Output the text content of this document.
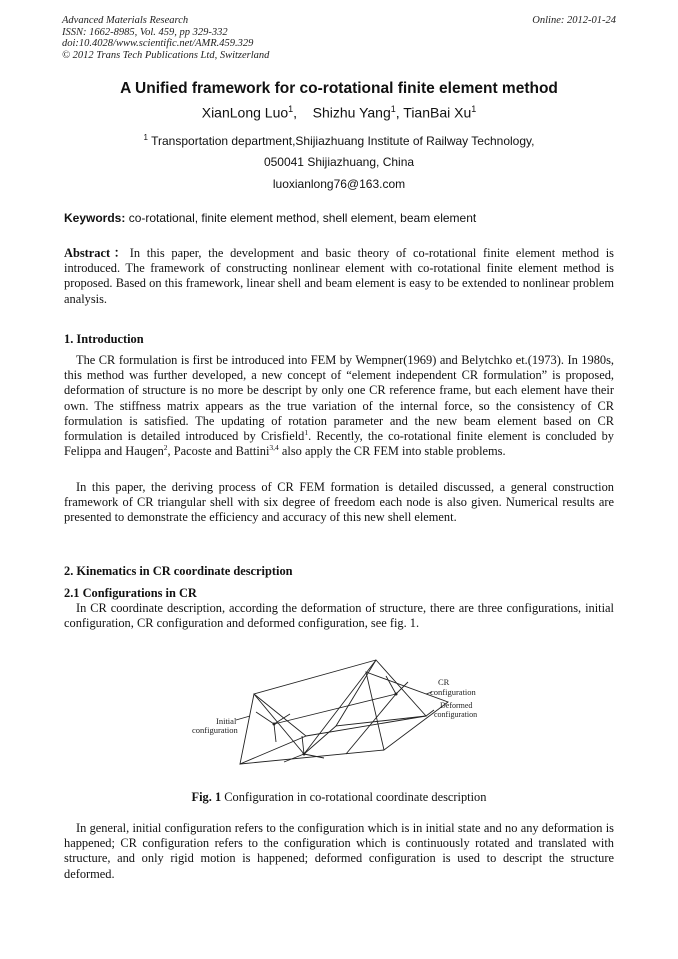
Advanced Materials Research
ISSN: 1662-8985, Vol. 459, pp 329-332
doi:10.4028/www.scientific.net/AMR.459.329
© 2012 Trans Tech Publications Ltd, Switzerland
Online: 2012-01-24
A Unified framework for co-rotational finite element method
XianLong Luo$^1$,    Shizhu Yang$^1$, TianBai Xu$^1$
$^1$ Transportation department,Shijiazhuang Institute of Railway Technology,
050041 Shijiazhuang, China
luoxianlong76@163.com
Keywords: co-rotational, finite element method, shell element, beam element

Abstract：In this paper, the development and basic theory of co-rotational finite element method is introduced. The framework of constructing nonlinear element with co-rotational finite element method is proposed. Based on this framework, linear shell and beam element is easy to be extended to nonlinear problem analysis.

1. Introduction

The CR formulation is first be introduced into FEM by Wempner(1969) and Belytchko et.(1973). In 1980s, this method was further developed, a new concept of “element independent CR formulation” is proposed, deformation of structure is no more be descript by only one CR reference frame, but each element have their own. The stiffness matrix appears as the true variation of the internal force, so the consistency of CR formulation is satisfied. The updating of rotation parameter and the new beam element based on CR formulation is detailed introduced by Crisfield$^1$. Recently, the co-rotational finite element is concluded by Felippa and Haugen$^2$, Pacoste and Battini$^{3,4}$ also apply the CR FEM into stable problems.

In this paper, the deriving process of CR FEM formation is detailed discussed, a general construction framework of CR triangular shell with six degree of freedom each node is also given. Numerical results are presented to demonstrate the efficiency and accuracy of this new shell element.

2. Kinematics in CR coordinate description
2.1 Configurations in CR

In CR coordinate description, according the deformation of structure, there are three configurations, initial configuration, CR configuration and deformed configuration, see fig. 1.

Initial
configuration
CR
configuration
Deformed
configuration
Fig. 1 Configuration in co-rotational coordinate description

In general, initial configuration refers to the configuration which is in initial state and no any deformation is happened; CR configuration refers to the configuration which is continuously rotated and translated with structure, and only rigid motion is happened; deformed configuration is used to descript the structure deformed.
